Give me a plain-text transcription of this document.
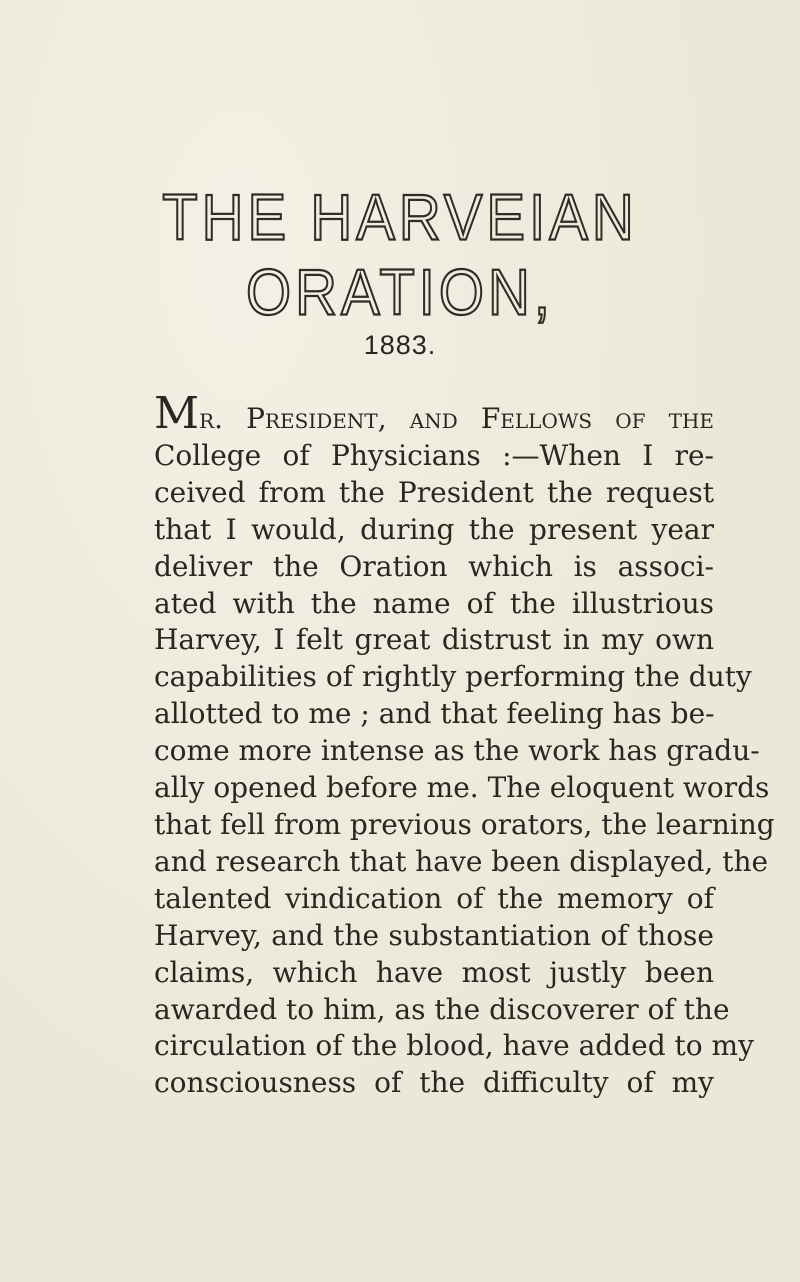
THE HARVEIAN ORATION,

1883.

Mr. President, and Fellows of the
College of Physicians :—When I re-
ceived from the President the request
that I would, during the present year
deliver the Oration which is associ-
ated with the name of the illustrious
Harvey, I felt great distrust in my own
capabilities of rightly performing the duty
allotted to me ; and that feeling has be-
come more intense as the work has gradu-
ally opened before me. The eloquent words
that fell from previous orators, the learning
and research that have been displayed, the
talented vindication of the memory of
Harvey, and the substantiation of those
claims, which have most justly been
awarded to him, as the discoverer of the
circulation of the blood, have added to my
consciousness of the difficulty of my
